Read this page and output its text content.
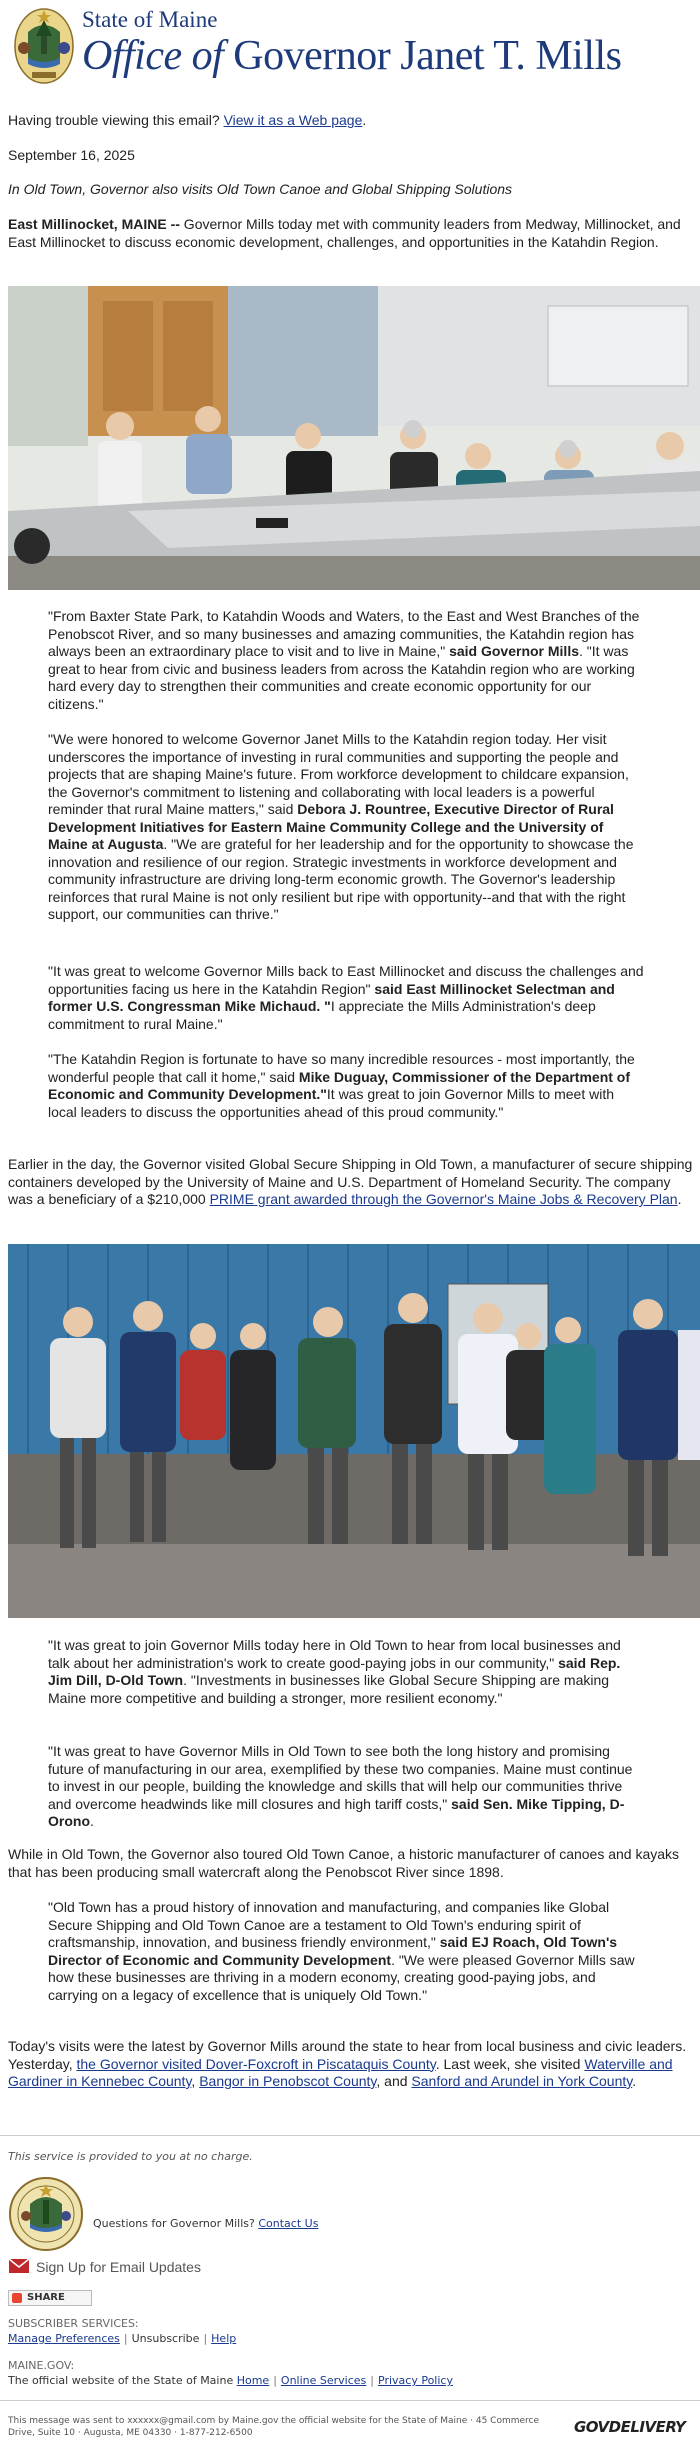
State of Maine
Office of Governor Janet T. Mills
Having trouble viewing this email? View it as a Web page.
September 16, 2025
In Old Town, Governor also visits Old Town Canoe and Global Shipping Solutions
East Millinocket, MAINE -- Governor Mills today met with community leaders from Medway, Millinocket, and East Millinocket to discuss economic development, challenges, and opportunities in the Katahdin Region.
"From Baxter State Park, to Katahdin Woods and Waters, to the East and West Branches of the Penobscot River, and so many businesses and amazing communities, the Katahdin region has always been an extraordinary place to visit and to live in Maine," said Governor Mills. "It was great to hear from civic and business leaders from across the Katahdin region who are working hard every day to strengthen their communities and create economic opportunity for our citizens."
"We were honored to welcome Governor Janet Mills to the Katahdin region today. Her visit underscores the importance of investing in rural communities and supporting the people and projects that are shaping Maine's future. From workforce development to childcare expansion, the Governor's commitment to listening and collaborating with local leaders is a powerful reminder that rural Maine matters," said Debora J. Rountree, Executive Director of Rural Development Initiatives for Eastern Maine Community College and the University of Maine at Augusta. "We are grateful for her leadership and for the opportunity to showcase the innovation and resilience of our region. Strategic investments in workforce development and community infrastructure are driving long-term economic growth. The Governor's leadership reinforces that rural Maine is not only resilient but ripe with opportunity--and that with the right support, our communities can thrive."
"It was great to welcome Governor Mills back to East Millinocket and discuss the challenges and opportunities facing us here in the Katahdin Region" said East Millinocket Selectman and former U.S. Congressman Mike Michaud. "I appreciate the Mills Administration's deep commitment to rural Maine."
"The Katahdin Region is fortunate to have so many incredible resources - most importantly, the wonderful people that call it home," said Mike Duguay, Commissioner of the Department of Economic and Community Development."It was great to join Governor Mills to meet with local leaders to discuss the opportunities ahead of this proud community."
Earlier in the day, the Governor visited Global Secure Shipping in Old Town, a manufacturer of secure shipping containers developed by the University of Maine and U.S. Department of Homeland Security. The company was a beneficiary of a $210,000 PRIME grant awarded through the Governor's Maine Jobs & Recovery Plan.
"It was great to join Governor Mills today here in Old Town to hear from local businesses and talk about her administration's work to create good-paying jobs in our community," said Rep. Jim Dill, D-Old Town. "Investments in businesses like Global Secure Shipping are making Maine more competitive and building a stronger, more resilient economy."
"It was great to have Governor Mills in Old Town to see both the long history and promising future of manufacturing in our area, exemplified by these two companies. Maine must continue to invest in our people, building the knowledge and skills that will help our communities thrive and overcome headwinds like mill closures and high tariff costs," said Sen. Mike Tipping, D-Orono.
While in Old Town, the Governor also toured Old Town Canoe, a historic manufacturer of canoes and kayaks that has been producing small watercraft along the Penobscot River since 1898.
"Old Town has a proud history of innovation and manufacturing, and companies like Global Secure Shipping and Old Town Canoe are a testament to Old Town's enduring spirit of craftsmanship, innovation, and business friendly environment," said EJ Roach, Old Town's Director of Economic and Community Development. "We were pleased Governor Mills saw how these businesses are thriving in a modern economy, creating good-paying jobs, and carrying on a legacy of excellence that is uniquely Old Town."
Today's visits were the latest by Governor Mills around the state to hear from local business and civic leaders. Yesterday, the Governor visited Dover-Foxcroft in Piscataquis County. Last week, she visited Waterville and Gardiner in Kennebec County, Bangor in Penobscot County, and Sanford and Arundel in York County.
This service is provided to you at no charge.
Questions for Governor Mills? Contact Us
Sign Up for Email Updates
SHARE
SUBSCRIBER SERVICES:
Manage Preferences | Unsubscribe | Help
MAINE.GOV:
The official website of the State of Maine Home | Online Services | Privacy Policy
This message was sent to xxxxxx@gmail.com by Maine.gov the official website for the State of Maine · 45 Commerce Drive, Suite 10 · Augusta, ME 04330 · 1-877-212-6500	GOVDELIVERY
